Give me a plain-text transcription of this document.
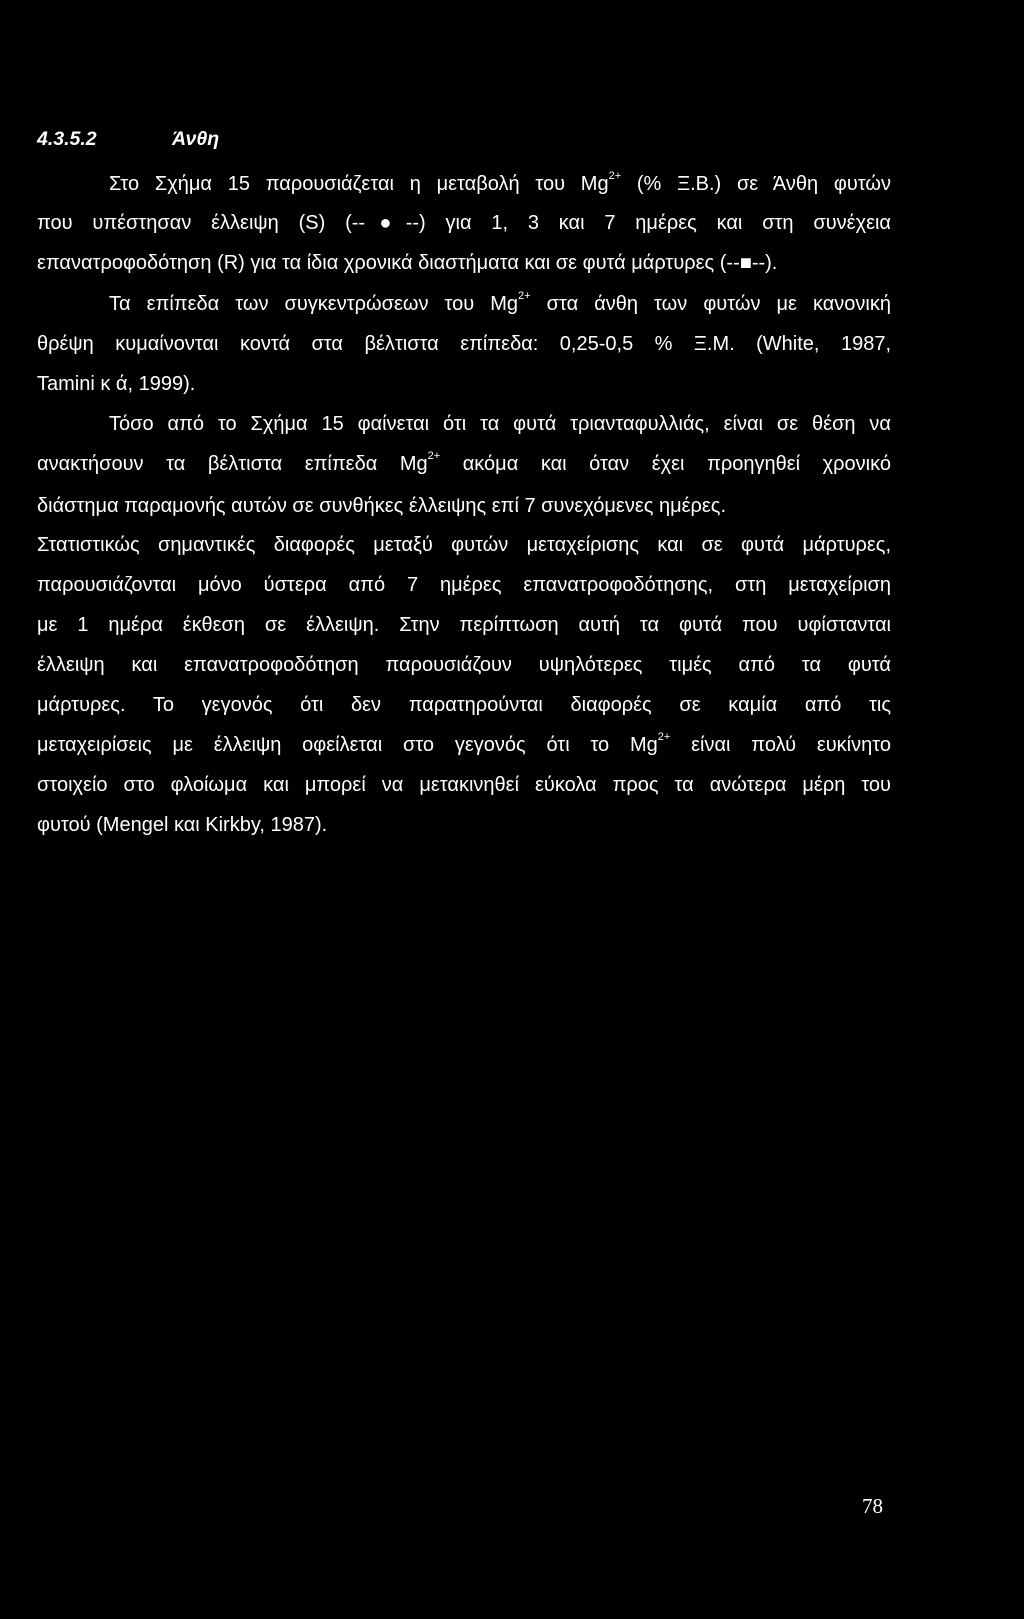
4.3.5.2	Άνθη
Στο Σχήμα 15 παρουσιάζεται η μεταβολή του $Mg^{2+}$ (% Ξ.Β.) σε Άνθη φυτών
που υπέστησαν έλλειψη (S) (--●--) για 1, 3 και 7 ημέρες και στη συνέχεια
επανατροφοδότηση (R) για τα ίδια χρονικά διαστήματα και σε φυτά μάρτυρες (--■--).
Τα επίπεδα των συγκεντρώσεων του $Mg^{2+}$ στα άνθη των φυτών με κανονική
θρέψη κυμαίνονται κοντά στα βέλτιστα επίπεδα: 0,25-0,5 % Ξ.Μ. (White, 1987,
Tamini κ ά, 1999).
Τόσο από το Σχήμα 15 φαίνεται ότι τα φυτά τριανταφυλλιάς, είναι σε θέση να
ανακτήσουν τα βέλτιστα επίπεδα $Mg^{2+}$ ακόμα και όταν έχει προηγηθεί χρονικό
διάστημα παραμονής αυτών σε συνθήκες έλλειψης επί 7 συνεχόμενες ημέρες.
Στατιστικώς σημαντικές διαφορές μεταξύ φυτών μεταχείρισης και σε φυτά μάρτυρες,
παρουσιάζονται μόνο ύστερα από 7 ημέρες επανατροφοδότησης, στη μεταχείριση
με 1 ημέρα έκθεση σε έλλειψη. Στην περίπτωση αυτή τα φυτά που υφίστανται
έλλειψη και επανατροφοδότηση παρουσιάζουν υψηλότερες τιμές από τα φυτά
μάρτυρες. Το γεγονός ότι δεν παρατηρούνται διαφορές σε καμία από τις
μεταχειρίσεις με έλλειψη οφείλεται στο γεγονός ότι το $Mg^{2+}$ είναι πολύ ευκίνητο
στοιχείο στο φλοίωμα και μπορεί να μετακινηθεί εύκολα προς τα ανώτερα μέρη του
φυτού (Mengel και Kirkby, 1987).
78
